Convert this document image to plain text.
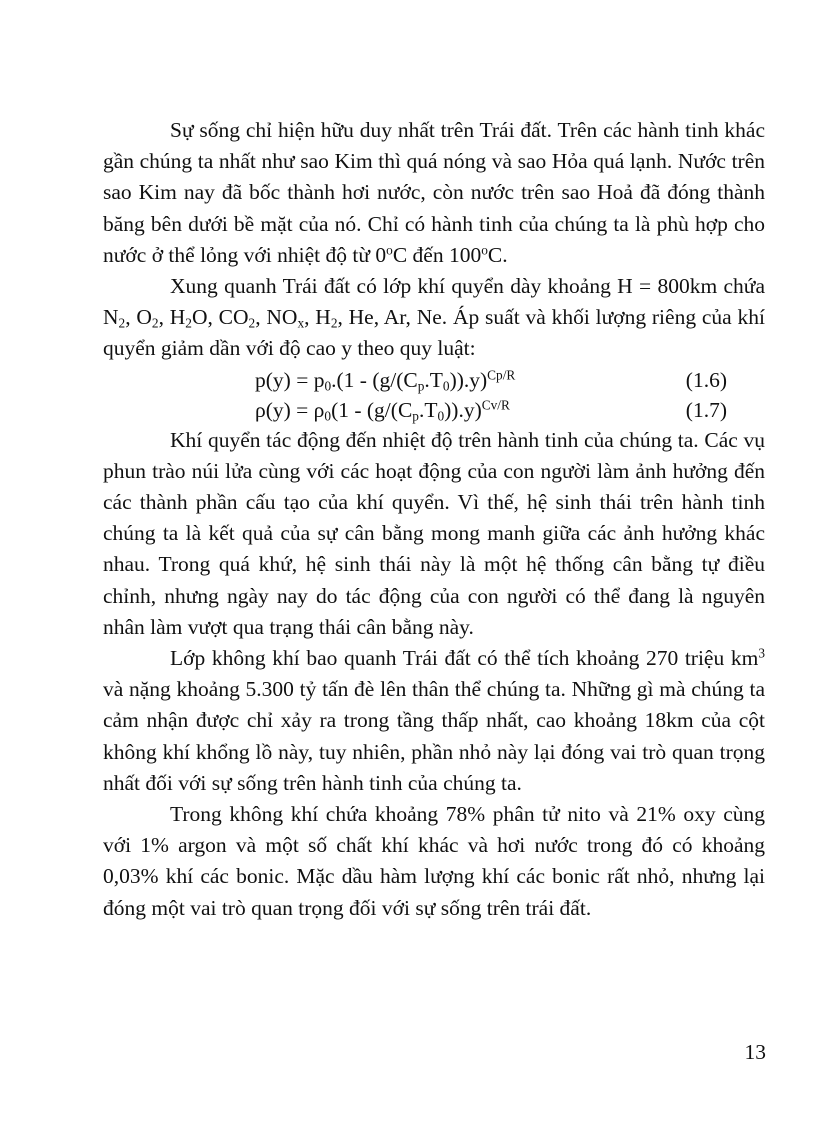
Sự sống chỉ hiện hữu duy nhất trên Trái đất. Trên các hành tinh khác gần chúng ta nhất như sao Kim thì quá nóng và sao Hỏa quá lạnh. Nước trên sao Kim nay đã bốc thành hơi nước, còn nước trên sao Hoả đã đóng thành băng bên dưới bề mặt của nó. Chỉ có hành tinh của chúng ta là phù hợp cho nước ở thể lỏng với nhiệt độ từ 0$^o$C đến 100$^o$C.

Xung quanh Trái đất có lớp khí quyển dày khoảng H = 800km chứa $N_2$, $O_2$, $H_2O$, $CO_2$, $NO_x$, $H_2$, He, Ar, Ne. Áp suất và khối lượng riêng của khí quyển giảm dần với độ cao y theo quy luật:

$p(y) = p_0.(1 - (g/(C_p.T_0)).y)^{Cp/R}$	(1.6)
$\rho(y) = \rho_0(1 - (g/(C_p.T_0)).y)^{Cv/R}$	(1.7)

Khí quyển tác động đến nhiệt độ trên hành tinh của chúng ta. Các vụ phun trào núi lửa cùng với các hoạt động của con người làm ảnh hưởng đến các thành phần cấu tạo của khí quyển. Vì thế, hệ sinh thái trên hành tinh chúng ta là kết quả của sự cân bằng mong manh giữa các ảnh hưởng khác nhau. Trong quá khứ, hệ sinh thái này là một hệ thống cân bằng tự điều chỉnh, nhưng ngày nay do tác động của con người có thể đang là nguyên nhân làm vượt qua trạng thái cân bằng này.

Lớp không khí bao quanh Trái đất có thể tích khoảng 270 triệu $km^3$ và nặng khoảng 5.300 tỷ tấn đè lên thân thể chúng ta. Những gì mà chúng ta cảm nhận được chỉ xảy ra trong tầng thấp nhất, cao khoảng 18km của cột không khí khổng lồ này, tuy nhiên, phần nhỏ này lại đóng vai trò quan trọng nhất đối với sự sống trên hành tinh của chúng ta.

Trong không khí chứa khoảng 78% phân tử nito và 21% oxy cùng với 1% argon và một số chất khí khác và hơi nước trong đó có khoảng 0,03% khí các bonic. Mặc dầu hàm lượng khí các bonic rất nhỏ, nhưng lại đóng một vai trò quan trọng đối với sự sống trên trái đất.

13
